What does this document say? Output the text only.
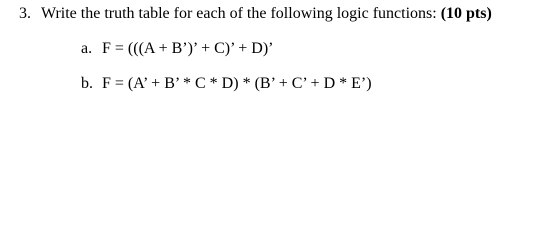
3. Write the truth table for each of the following logic functions: (10 pts)
a. F = (((A + B’)’ + C)’ + D)’
b. F = (A’ + B’ * C * D) * (B’ + C’ + D * E’)
